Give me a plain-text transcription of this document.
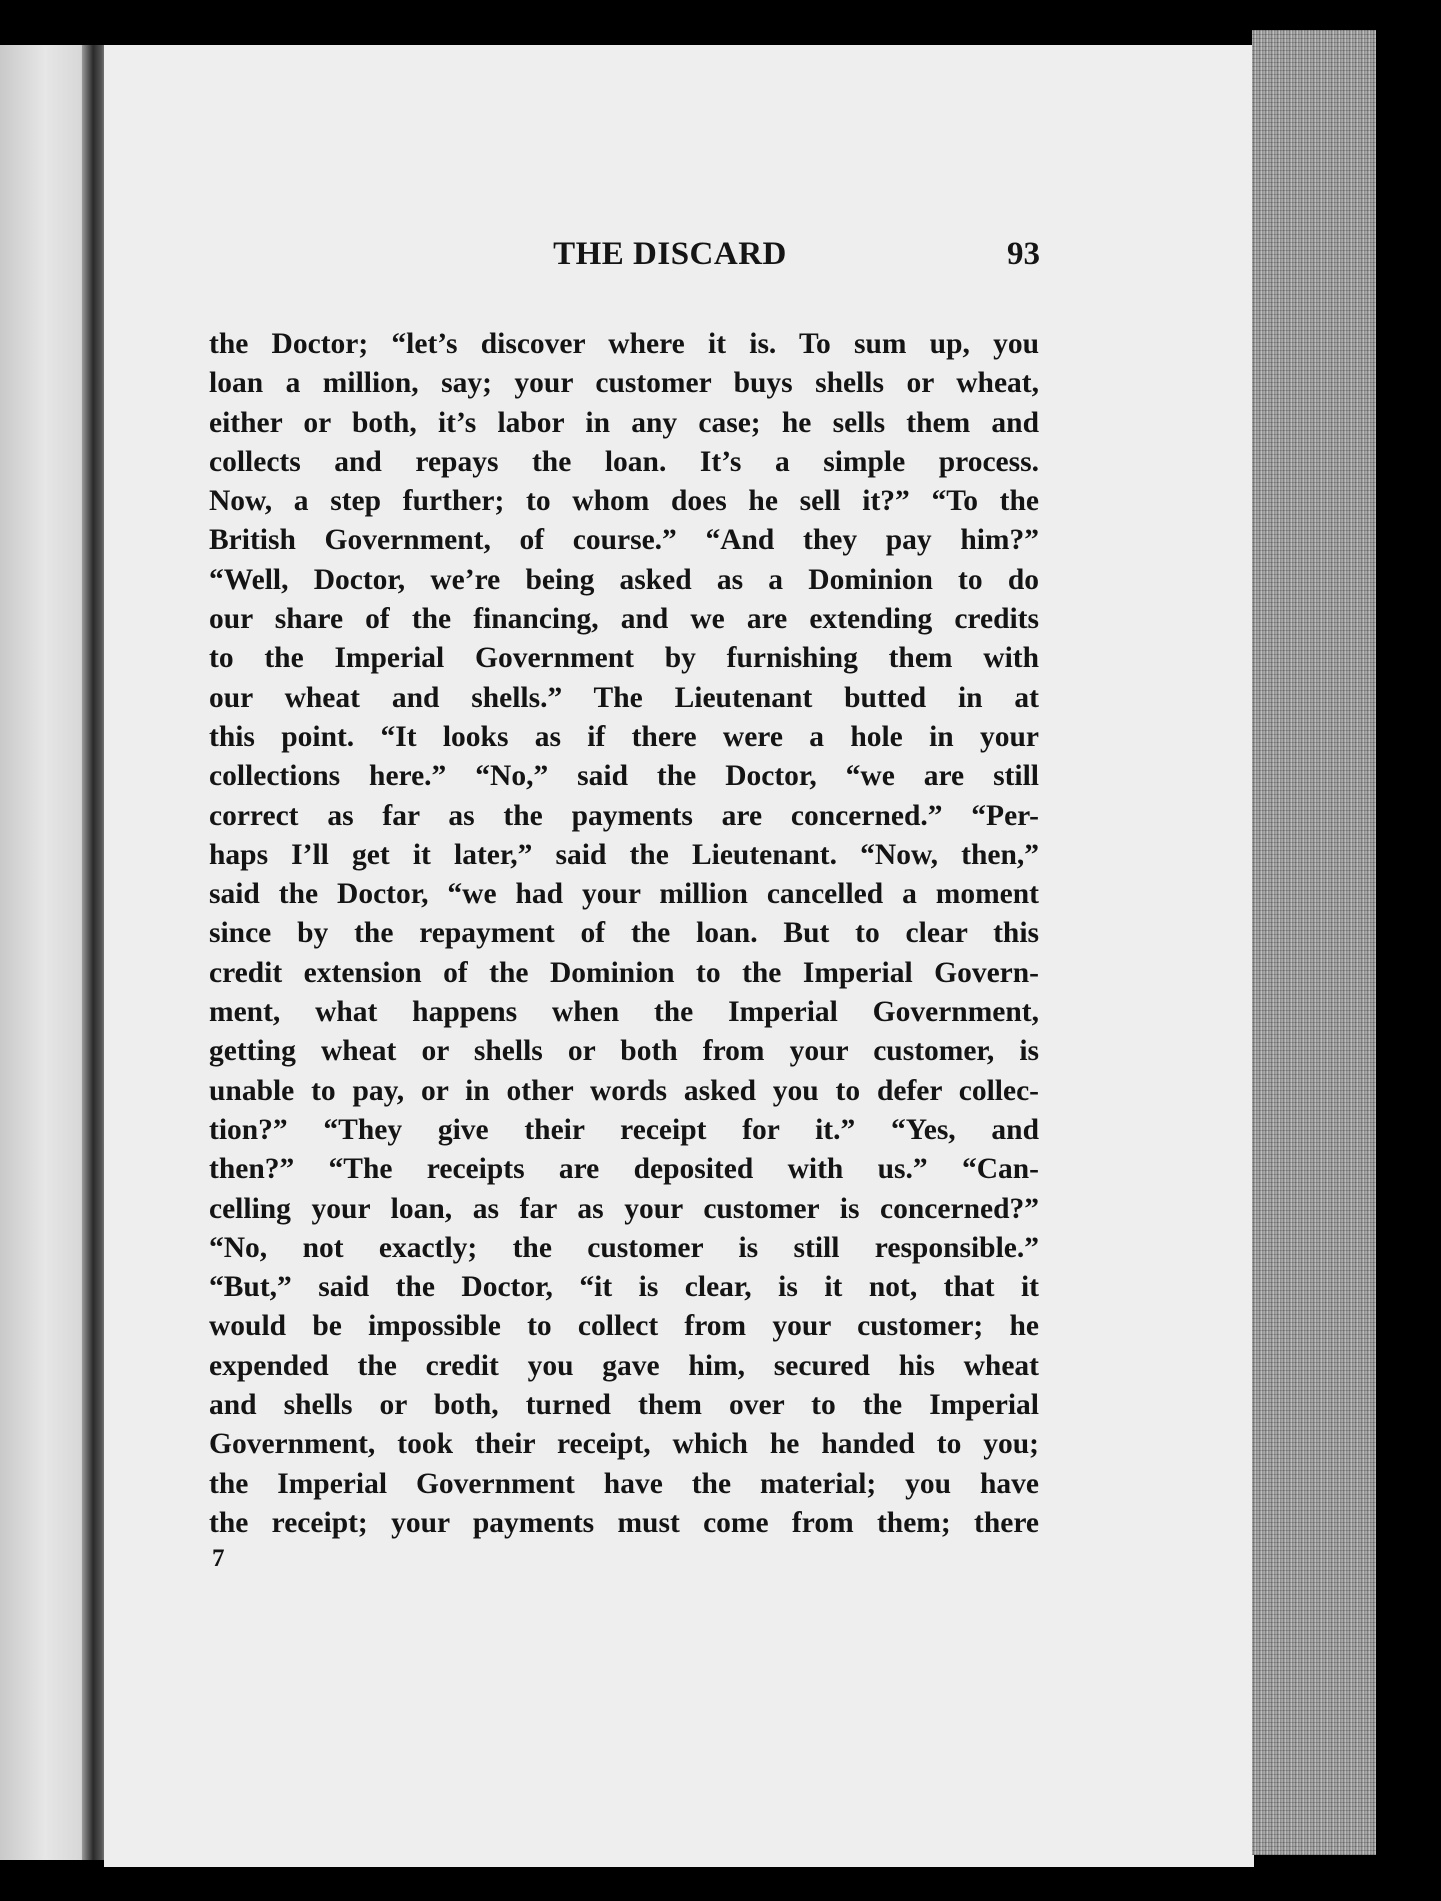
THE DISCARD	93
the Doctor; “let’s discover where it is. To sum up, you
loan a million, say; your customer buys shells or wheat,
either or both, it’s labor in any case; he sells them and
collects and repays the loan. It’s a simple process.
Now, a step further; to whom does he sell it?” “To the
British Government, of course.” “And they pay him?”
“Well, Doctor, we’re being asked as a Dominion to do
our share of the financing, and we are extending credits
to the Imperial Government by furnishing them with
our wheat and shells.” The Lieutenant butted in at
this point. “It looks as if there were a hole in your
collections here.” “No,” said the Doctor, “we are still
correct as far as the payments are concerned.” “Per-
haps I’ll get it later,” said the Lieutenant. “Now, then,”
said the Doctor, “we had your million cancelled a moment
since by the repayment of the loan. But to clear this
credit extension of the Dominion to the Imperial Govern-
ment, what happens when the Imperial Government,
getting wheat or shells or both from your customer, is
unable to pay, or in other words asked you to defer collec-
tion?” “They give their receipt for it.” “Yes, and
then?” “The receipts are deposited with us.” “Can-
celling your loan, as far as your customer is concerned?”
“No, not exactly; the customer is still responsible.”
“But,” said the Doctor, “it is clear, is it not, that it
would be impossible to collect from your customer; he
expended the credit you gave him, secured his wheat
and shells or both, turned them over to the Imperial
Government, took their receipt, which he handed to you;
the Imperial Government have the material; you have
the receipt; your payments must come from them; there
7
